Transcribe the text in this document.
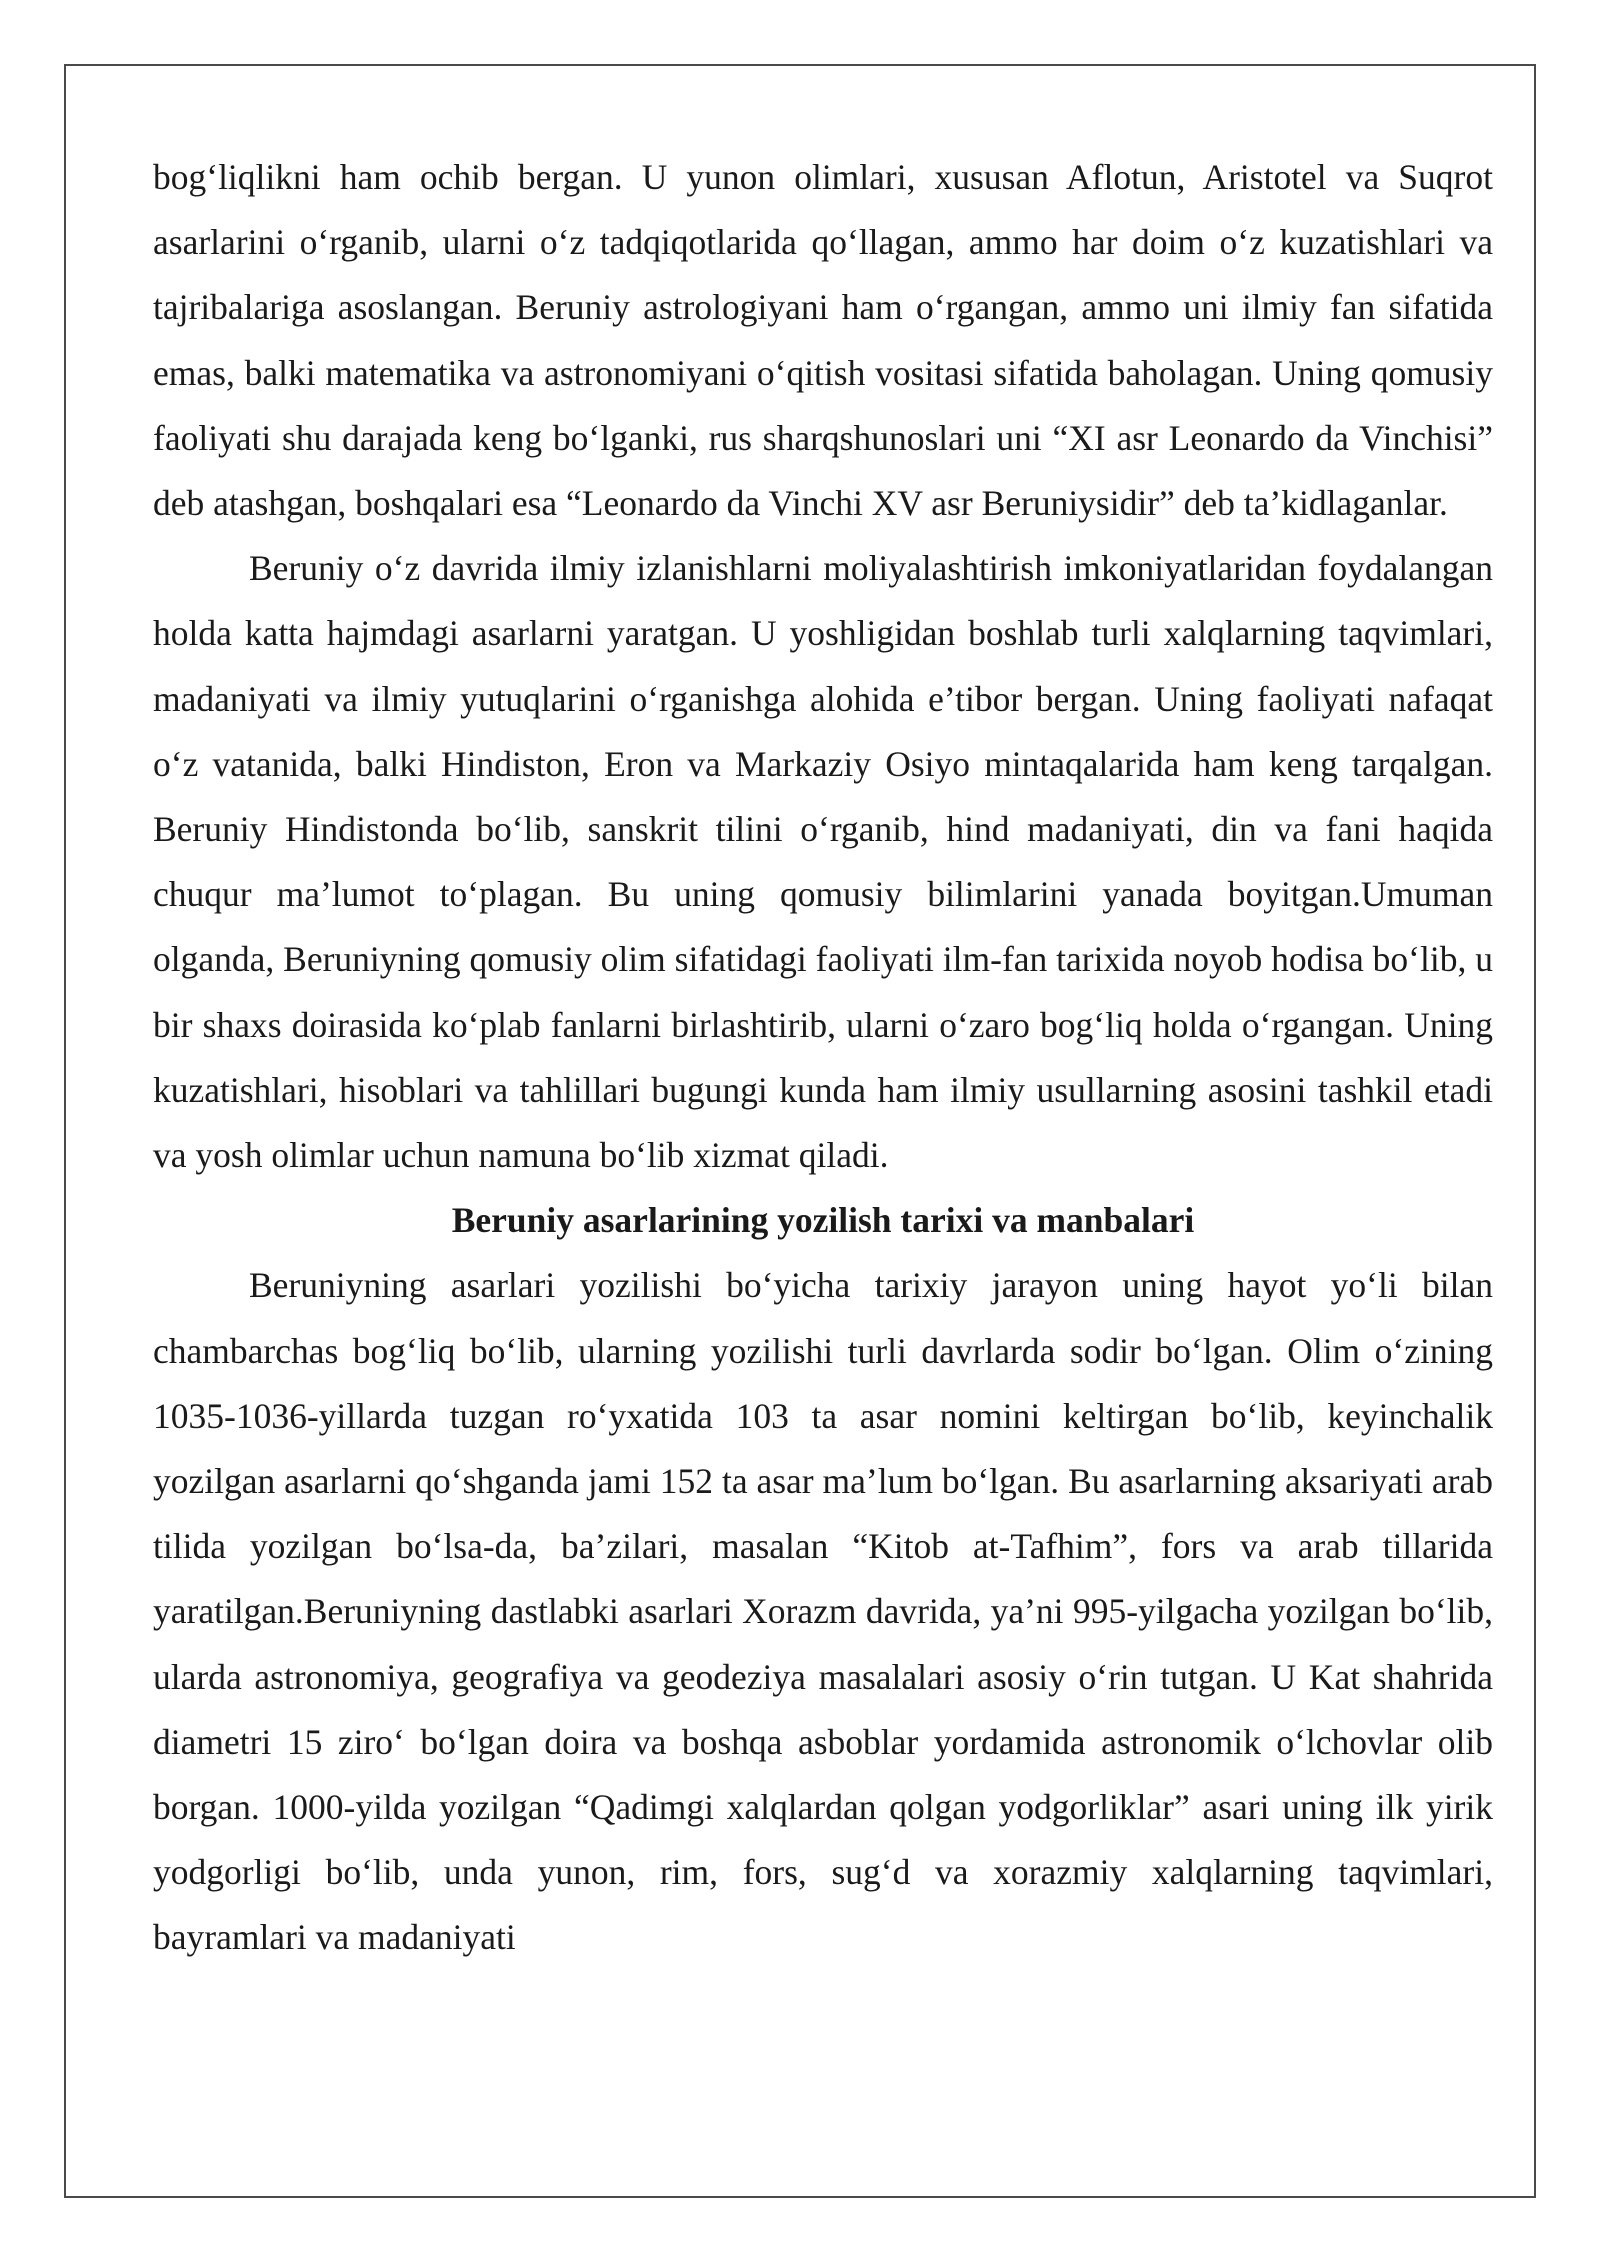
bog‘liqlikni ham ochib bergan. U yunon olimlari, xususan Aflotun, Aristotel va Suqrot asarlarini o‘rganib, ularni o‘z tadqiqotlarida qo‘llagan, ammo har doim o‘z kuzatishlari va tajribalariga asoslangan. Beruniy astrologiyani ham o‘rgangan, ammo uni ilmiy fan sifatida emas, balki matematika va astronomiyani o‘qitish vositasi sifatida baholagan. Uning qomusiy faoliyati shu darajada keng bo‘lganki, rus sharqshunoslari uni “XI asr Leonardo da Vinchisi” deb atashgan, boshqalari esa “Leonardo da Vinchi XV asr Beruniysidir” deb ta’kidlaganlar.

Beruniy o‘z davrida ilmiy izlanishlarni moliyalashtirish imkoniyatlaridan foydalangan holda katta hajmdagi asarlarni yaratgan. U yoshligidan boshlab turli xalqlarning taqvimlari, madaniyati va ilmiy yutuqlarini o‘rganishga alohida e’tibor bergan. Uning faoliyati nafaqat o‘z vatanida, balki Hindiston, Eron va Markaziy Osiyo mintaqalarida ham keng tarqalgan. Beruniy Hindistonda bo‘lib, sanskrit tilini o‘rganib, hind madaniyati, din va fani haqida chuqur ma’lumot to‘plagan. Bu uning qomusiy bilimlarini yanada boyitgan.Umuman olganda, Beruniyning qomusiy olim sifatidagi faoliyati ilm-fan tarixida noyob hodisa bo‘lib, u bir shaxs doirasida ko‘plab fanlarni birlashtirib, ularni o‘zaro bog‘liq holda o‘rgangan. Uning kuzatishlari, hisoblari va tahlillari bugungi kunda ham ilmiy usullarning asosini tashkil etadi va yosh olimlar uchun namuna bo‘lib xizmat qiladi.

Beruniy asarlarining yozilish tarixi va manbalari

Beruniyning asarlari yozilishi bo‘yicha tarixiy jarayon uning hayot yo‘li bilan chambarchas bog‘liq bo‘lib, ularning yozilishi turli davrlarda sodir bo‘lgan. Olim o‘zining 1035-1036-yillarda tuzgan ro‘yxatida 103 ta asar nomini keltirgan bo‘lib, keyinchalik yozilgan asarlarni qo‘shganda jami 152 ta asar ma’lum bo‘lgan. Bu asarlarning aksariyati arab tilida yozilgan bo‘lsa-da, ba’zilari, masalan “Kitob at-Tafhim”, fors va arab tillarida yaratilgan.Beruniyning dastlabki asarlari Xorazm davrida, ya’ni 995-yilgacha yozilgan bo‘lib, ularda astronomiya, geografiya va geodeziya masalalari asosiy o‘rin tutgan. U Kat shahrida diametri 15 ziro‘ bo‘lgan doira va boshqa asboblar yordamida astronomik o‘lchovlar olib borgan. 1000-yilda yozilgan “Qadimgi xalqlardan qolgan yodgorliklar” asari uning ilk yirik yodgorligi bo‘lib, unda yunon, rim, fors, sug‘d va xorazmiy xalqlarning taqvimlari, bayramlari va madaniyati
